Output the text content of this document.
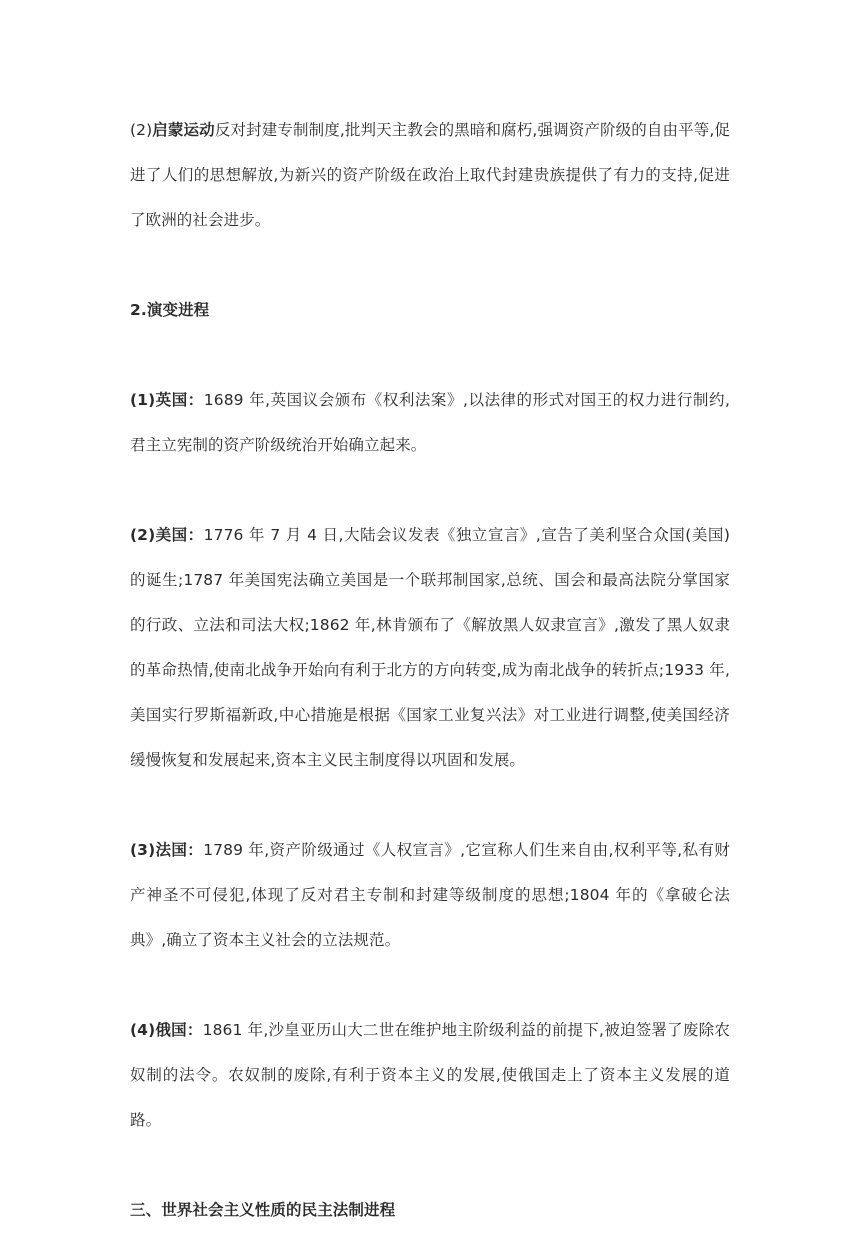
(2)启蒙运动反对封建专制制度,批判天主教会的黑暗和腐朽,强调资产阶级的自由平等,促进了人们的思想解放,为新兴的资产阶级在政治上取代封建贵族提供了有力的支持,促进了欧洲的社会进步。

2.演变进程

(1)英国：1689 年,英国议会颁布《权利法案》,以法律的形式对国王的权力进行制约,君主立宪制的资产阶级统治开始确立起来。

(2)美国：1776 年 7 月 4 日,大陆会议发表《独立宣言》,宣告了美利坚合众国(美国)的诞生;1787 年美国宪法确立美国是一个联邦制国家,总统、国会和最高法院分掌国家的行政、立法和司法大权;1862 年,林肯颁布了《解放黑人奴隶宣言》,激发了黑人奴隶的革命热情,使南北战争开始向有利于北方的方向转变,成为南北战争的转折点;1933 年,美国实行罗斯福新政,中心措施是根据《国家工业复兴法》对工业进行调整,使美国经济缓慢恢复和发展起来,资本主义民主制度得以巩固和发展。

(3)法国：1789 年,资产阶级通过《人权宣言》,它宣称人们生来自由,权利平等,私有财产神圣不可侵犯,体现了反对君主专制和封建等级制度的思想;1804 年的《拿破仑法典》,确立了资本主义社会的立法规范。

(4)俄国：1861 年,沙皇亚历山大二世在维护地主阶级利益的前提下,被迫签署了废除农奴制的法令。农奴制的废除,有利于资本主义的发展,使俄国走上了资本主义发展的道路。

三、世界社会主义性质的民主法制进程
